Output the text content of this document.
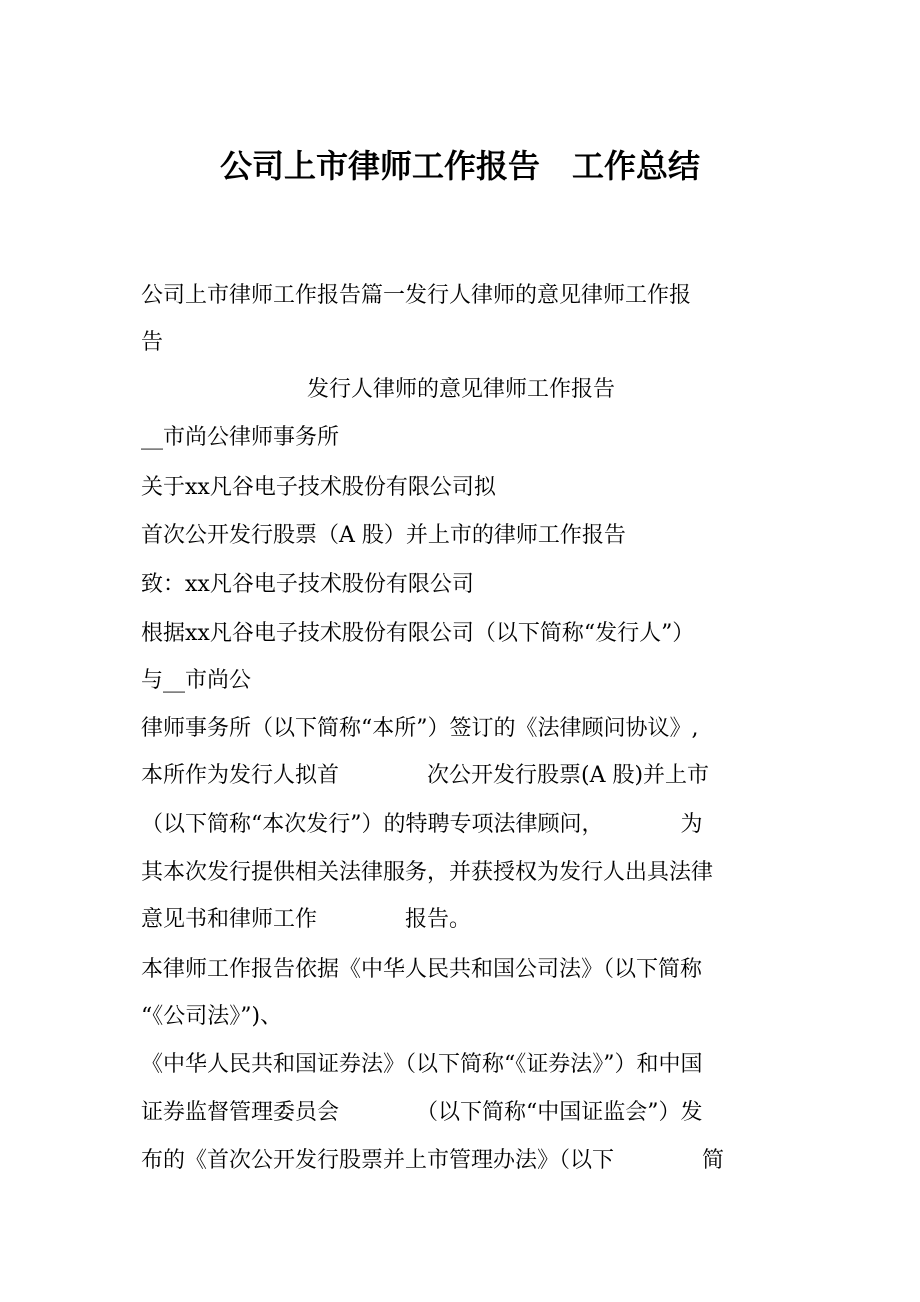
公司上市律师工作报告　工作总结
公司上市律师工作报告篇一发行人律师的意见律师工作报
告
发行人律师的意见律师工作报告
__市尚公律师事务所
关于xx凡谷电子技术股份有限公司拟
首次公开发行股票（A 股）并上市的律师工作报告
致：xx凡谷电子技术股份有限公司
根据xx凡谷电子技术股份有限公司（以下简称“发行人”）
与__市尚公
律师事务所（以下简称“本所”）签订的《法律顾问协议》,
本所作为发行人拟首　　　　次公开发行股票(A 股)并上市
（以下简称“本次发行”）的特聘专项法律顾问，　　　　为
其本次发行提供相关法律服务，并获授权为发行人出具法律
意见书和律师工作　　　　报告。
本律师工作报告依据《中华人民共和国公司法》（以下简称
“《公司法》”)、
《中华人民共和国证券法》（以下简称“《证券法》”）和中国
证券监督管理委员会　　　　（以下简称“中国证监会”）发
布的《首次公开发行股票并上市管理办法》（以下　　　　简
